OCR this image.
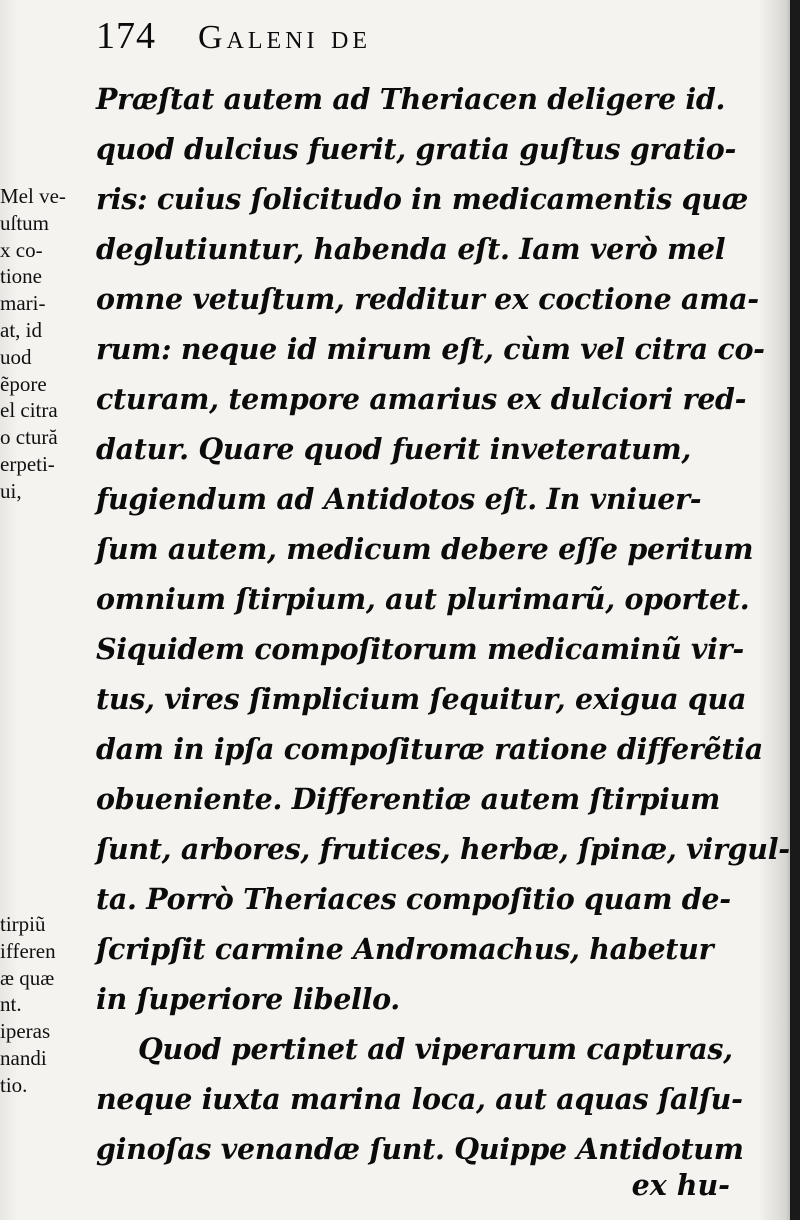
174 Galeni de
Præſtat autem ad Theriacen deligere id.
quod dulcius fuerit, gratia guſtus gratio-
ris: cuius ſolicitudo in medicamentis quæ
deglutiuntur, habenda eſt. Iam verò mel
omne vetuſtum, redditur ex coctione ama-
rum: neque id mirum eſt, cùm vel citra co-
cturam, tempore amarius ex dulciori red-
datur. Quare quod fuerit inveteratum,
fugiendum ad Antidotos eſt. In vniuer-
ſum autem, medicum debere eſſe peritum
omnium ſtirpium, aut plurimarũ, oportet.
Siquidem compoſitorum medicaminũ vir-
tus, vires ſimplicium ſequitur, exigua qua
dam in ipſa compoſituræ ratione differẽtia
obueniente. Differentiæ autem ſtirpium
ſunt, arbores, frutices, herbæ, ſpinæ, virgul-
ta. Porrò Theriaces compoſitio quam de-
ſcripſit carmine Andromachus, habetur
in ſuperiore libello.
Quod pertinet ad viperarum capturas,
neque iuxta marina loca, aut aquas ſalſu-
ginoſas venandæ ſunt. Quippe Antidotum
ex hu-
Mel ve-
uſtum
x co-
tione
mari-
at, id
uod
ẽpore
el citra
o ctură
erpeti-
ui,
tirpiũ
ifferen
æ quæ
nt.
iperas
nandi
tio.
